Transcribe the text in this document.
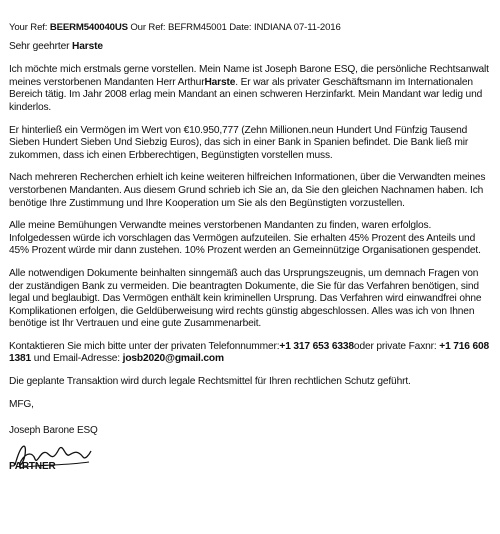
Your Ref: BEERM540040US Our Ref: BEFRM45001 Date: INDIANA 07-11-2016

Sehr geehrter Harste

Ich möchte mich erstmals gerne vorstellen. Mein Name ist Joseph Barone ESQ, die persönliche Rechtsanwalt meines verstorbenen Mandanten Herr ArthurHarste. Er war als privater Geschäftsmann im Internationalen Bereich tätig. Im Jahr 2008 erlag mein Mandant an einen schweren Herzinfarkt. Mein Mandant war ledig und kinderlos.

Er hinterließ ein Vermögen im Wert von €10.950,777 (Zehn Millionen.neun Hundert Und Fünfzig Tausend Sieben Hundert Sieben Und Siebzig Euros), das sich in einer Bank in Spanien befindet. Die Bank ließ mir zukommen, dass ich einen Erbberechtigen, Begünstigten vorstellen muss.

Nach mehreren Recherchen erhielt ich keine weiteren hilfreichen Informationen, über die Verwandten meines verstorbenen Mandanten. Aus diesem Grund schrieb ich Sie an, da Sie den gleichen Nachnamen haben. Ich benötige Ihre Zustimmung und Ihre Kooperation um Sie als den Begünstigten vorzustellen.

Alle meine Bemühungen Verwandte meines verstorbenen Mandanten zu finden, waren erfolglos. Infolgedessen würde ich vorschlagen das Vermögen aufzuteilen. Sie erhalten 45% Prozent des Anteils und 45% Prozent würde mir dann zustehen. 10% Prozent werden an Gemeinnützige Organisationen gespendet.

Alle notwendigen Dokumente beinhalten sinngemäß auch das Ursprungszeugnis, um demnach Fragen von der zuständigen Bank zu vermeiden. Die beantragten Dokumente, die Sie für das Verfahren benötigen, sind legal und beglaubigt. Das Vermögen enthält kein kriminellen Ursprung. Das Verfahren wird einwandfrei ohne Komplikationen erfolgen, die Geldüberweisung wird rechts günstig abgeschlossen. Alles was ich von Ihnen benötige ist Ihr Vertrauen und eine gute Zusammenarbeit.

Kontaktieren Sie mich bitte unter der privaten Telefonnummer:+1 317 653 6338oder private Faxnr: +1 716 608 1381 und Email-Adresse: josb2020@gmail.com

Die geplante Transaktion wird durch legale Rechtsmittel für Ihren rechtlichen Schutz geführt.

MFG,

Joseph Barone ESQ
PARTNER
